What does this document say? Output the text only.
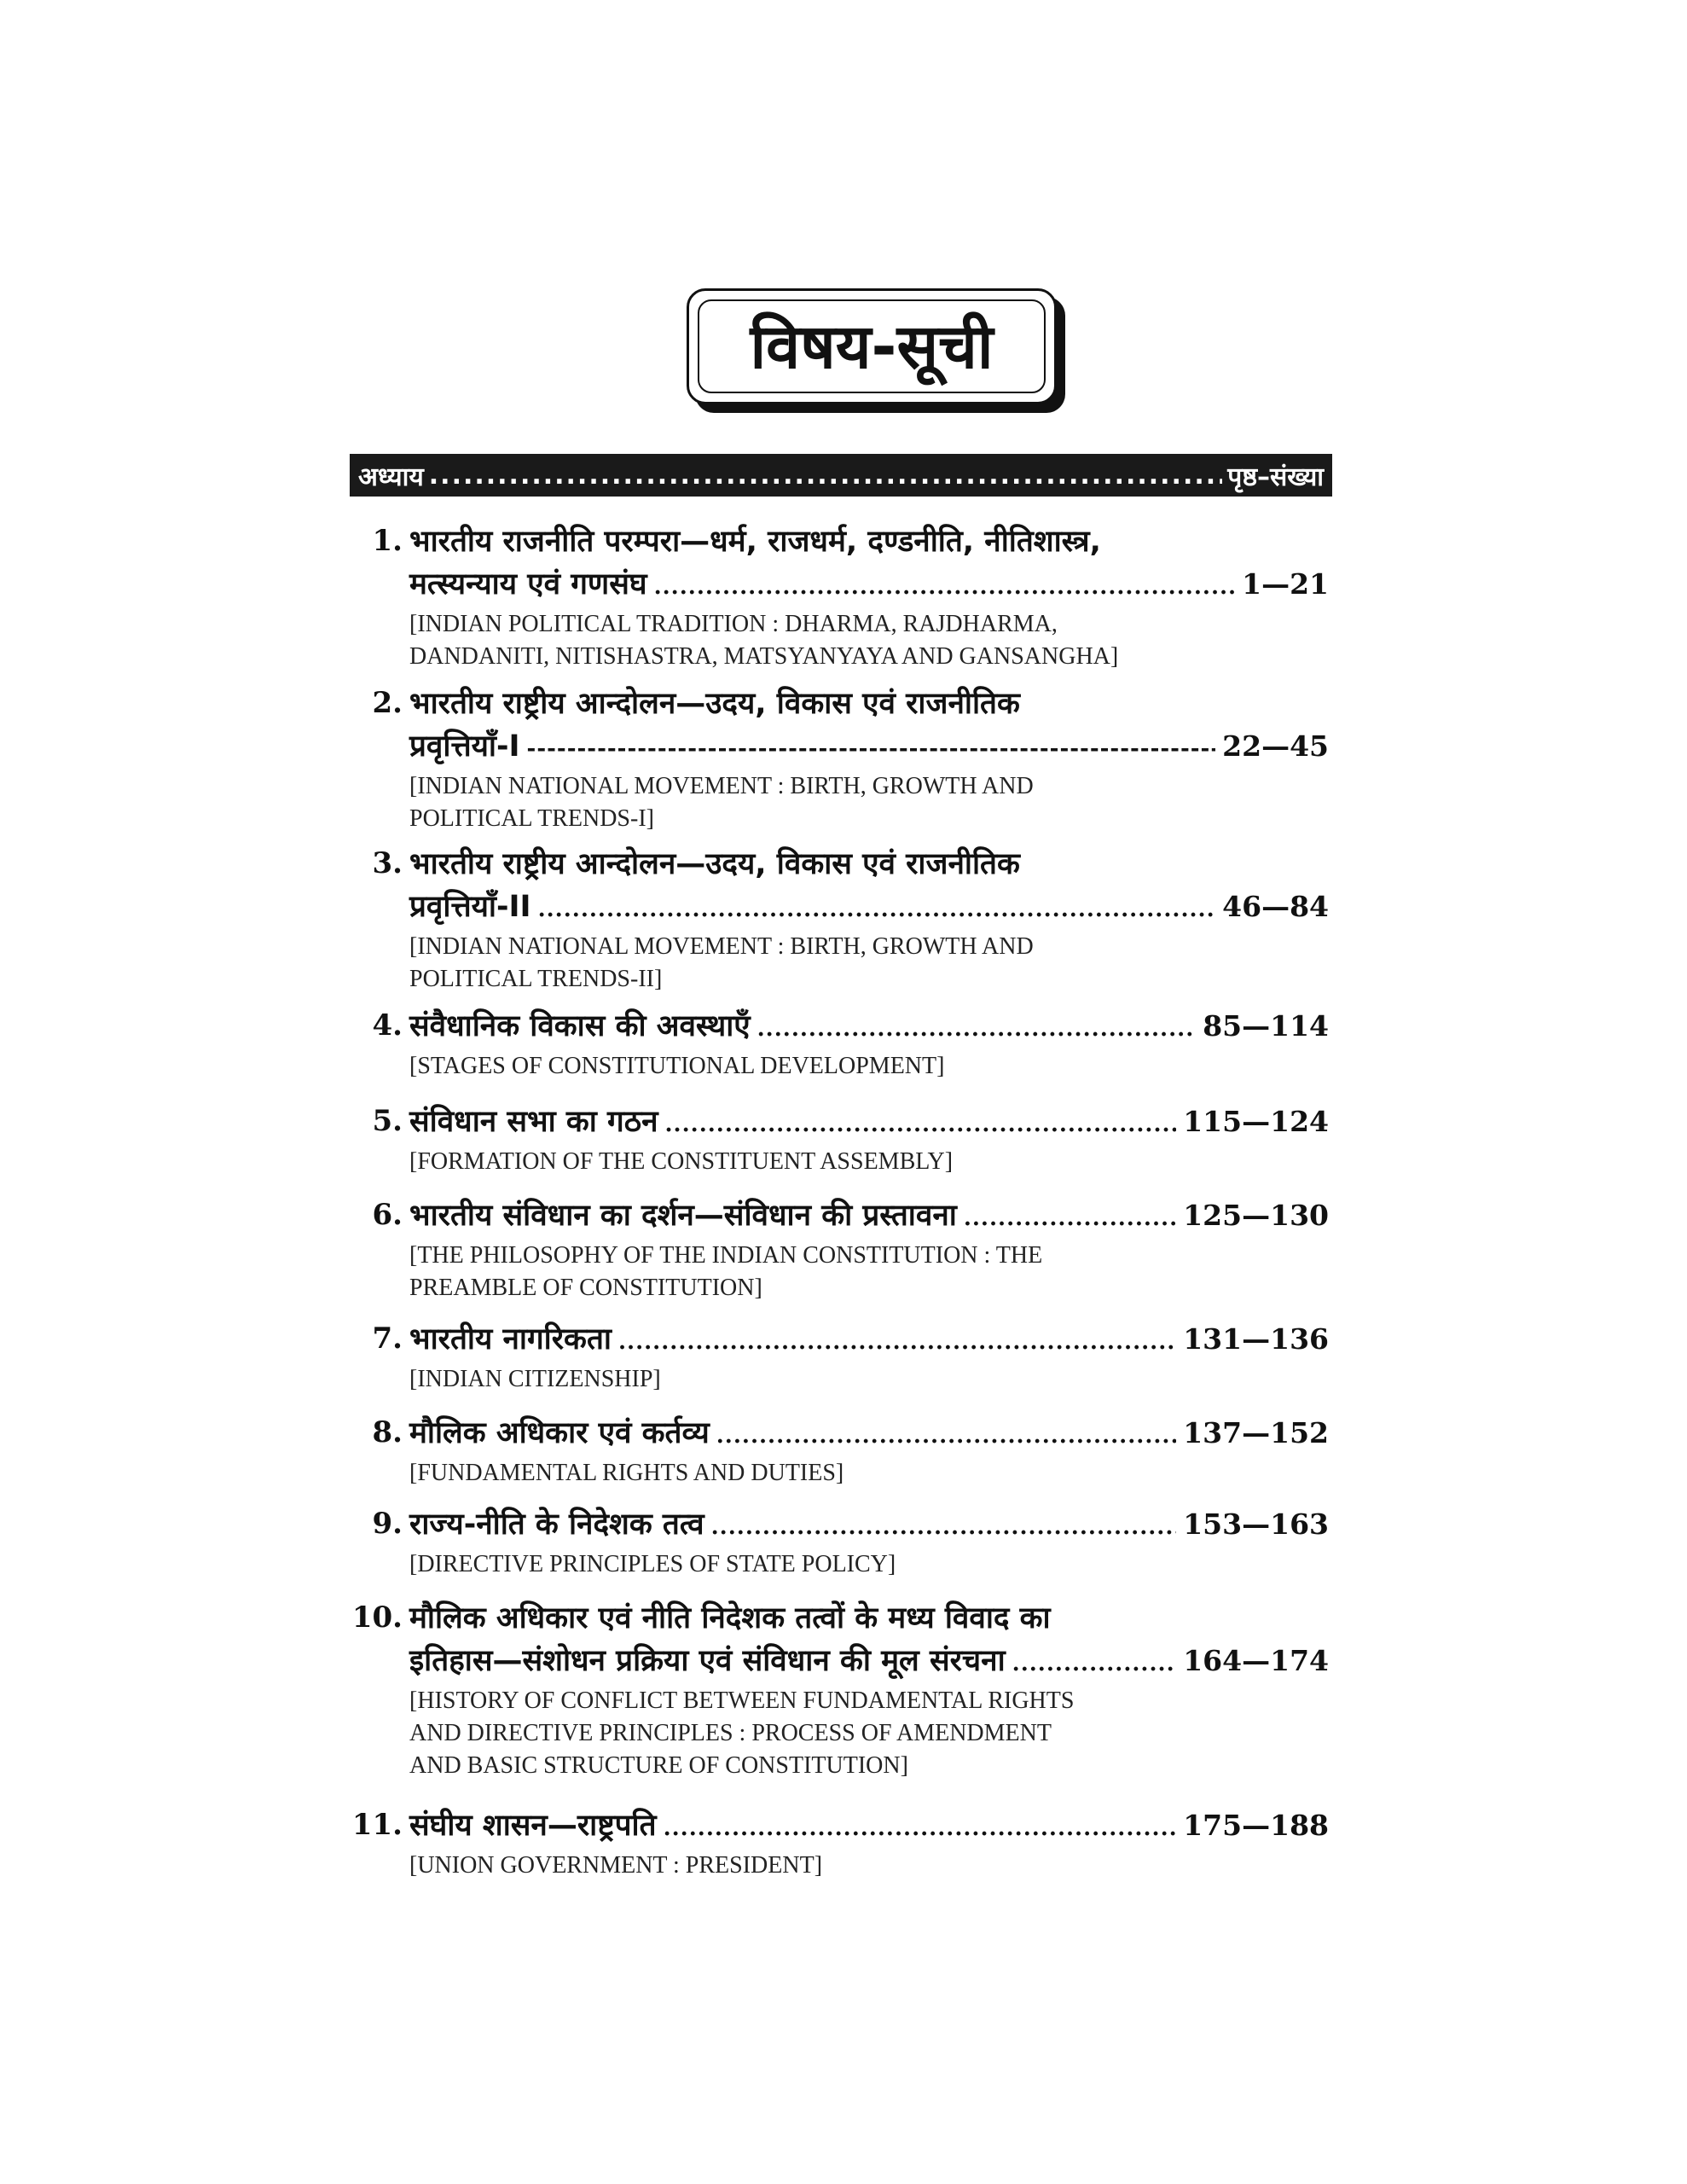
विषय-सूची
अध्याय .....	पृष्ठ–संख्या
1. भारतीय राजनीति परम्परा—धर्म, राजधर्म, दण्डनीति, नीतिशास्त्र,
मत्स्यन्याय एवं गणसंघ .....	1—21
[INDIAN POLITICAL TRADITION : DHARMA, RAJDHARMA,
DANDANITI, NITISHASTRA, MATSYANYAYA AND GANSANGHA]
2. भारतीय राष्ट्रीय आन्दोलन—उदय, विकास एवं राजनीतिक
प्रवृत्तियाँ-I -----	22—45
[INDIAN NATIONAL MOVEMENT : BIRTH, GROWTH AND
POLITICAL TRENDS-I]
3. भारतीय राष्ट्रीय आन्दोलन—उदय, विकास एवं राजनीतिक
प्रवृत्तियाँ-II .....	46—84
[INDIAN NATIONAL MOVEMENT : BIRTH, GROWTH AND
POLITICAL TRENDS-II]
4. संवैधानिक विकास की अवस्थाएँ .....	85—114
[STAGES OF CONSTITUTIONAL DEVELOPMENT]
5. संविधान सभा का गठन .....	115—124
[FORMATION OF THE CONSTITUENT ASSEMBLY]
6. भारतीय संविधान का दर्शन—संविधान की प्रस्तावना .....	125—130
[THE PHILOSOPHY OF THE INDIAN CONSTITUTION : THE
PREAMBLE OF CONSTITUTION]
7. भारतीय नागरिकता .....	131—136
[INDIAN CITIZENSHIP]
8. मौलिक अधिकार एवं कर्तव्य .....	137—152
[FUNDAMENTAL RIGHTS AND DUTIES]
9. राज्य-नीति के निदेशक तत्व .....	153—163
[DIRECTIVE PRINCIPLES OF STATE POLICY]
10. मौलिक अधिकार एवं नीति निदेशक तत्वों के मध्य विवाद का
इतिहास—संशोधन प्रक्रिया एवं संविधान की मूल संरचना .....	164—174
[HISTORY OF CONFLICT BETWEEN FUNDAMENTAL RIGHTS
AND DIRECTIVE PRINCIPLES : PROCESS OF AMENDMENT
AND BASIC STRUCTURE OF CONSTITUTION]
11. संघीय शासन—राष्ट्रपति .....	175—188
[UNION GOVERNMENT : PRESIDENT]
